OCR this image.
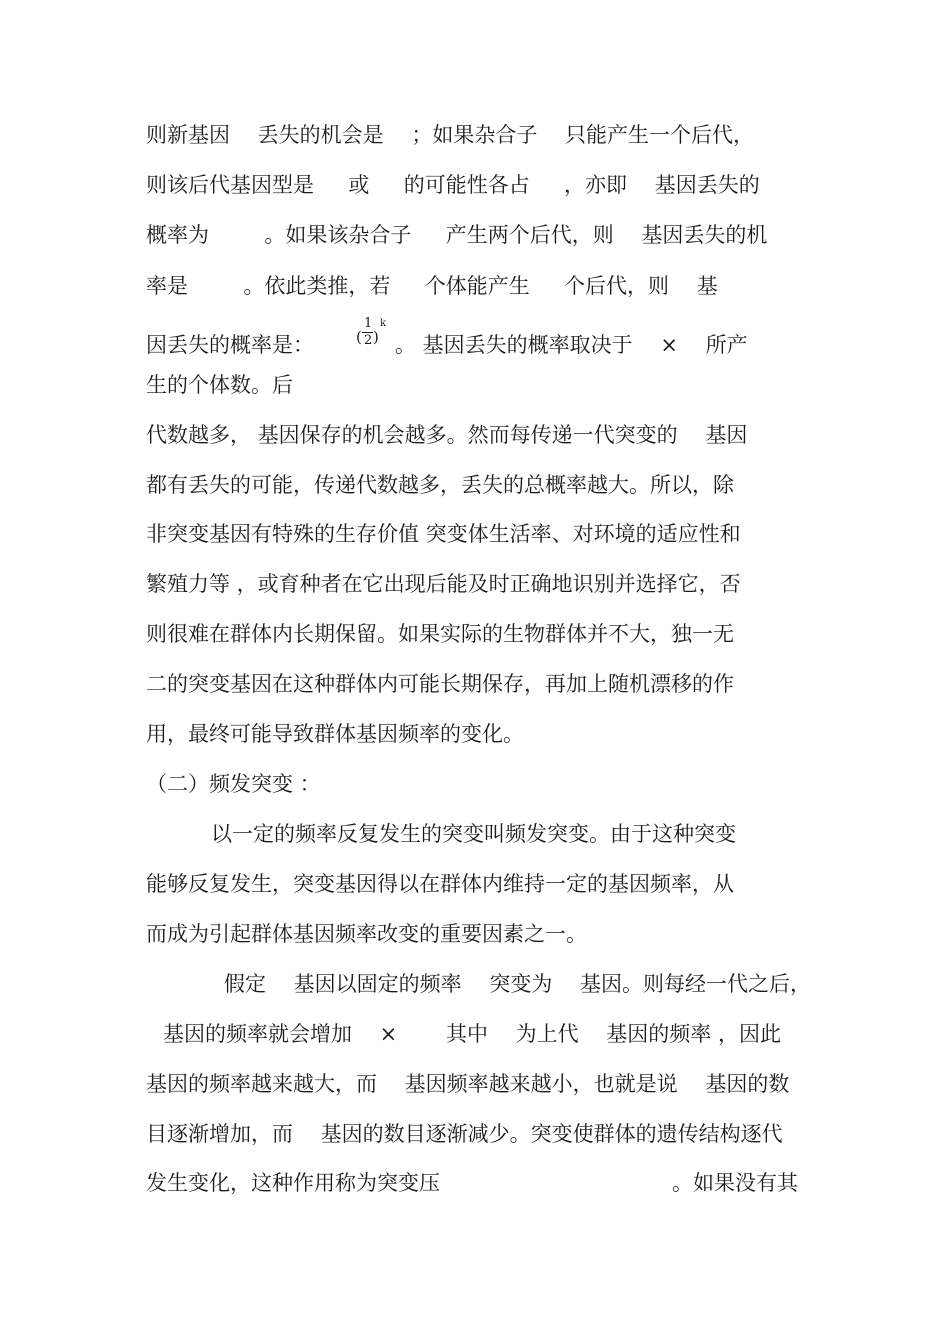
则新基因 　丢失的机会是 　；如果杂合子 　只能产生一个后代，
则该后代基因型是 　 或 　 的可能性各占 　 ，亦即 　基因丢失的
概率为 　　 。如果该杂合子 　 产生两个后代，则 　基因丢失的机
率是 　　 。依此类推，若 　 个体能产生 　 个后代，则 　基
因丢失的概率是：	(
1
2 )
k
。 基因丢失的概率取决于 　×　 所产
生的个体数。后
代数越多， 基因保存的机会越多。然而每传递一代突变的 　基因
都有丢失的可能，传递代数越多，丢失的总概率越大。所以，除
非突变基因有特殊的生存价值 突变体生活率、对环境的适应性和
繁殖力等 ，或育种者在它出现后能及时正确地识别并选择它，否
则很难在群体内长期保留。如果实际的生物群体并不大，独一无
二的突变基因在这种群体内可能长期保存，再加上随机漂移的作
用，最终可能导致群体基因频率的变化。
（二）频发突变 ：
以一定的频率反复发生的突变叫频发突变。由于这种突变
能够反复发生，突变基因得以在群体内维持一定的基因频率，从
而成为引起群体基因频率改变的重要因素之一。
假定 　基因以固定的频率 　突变为 　基因。则每经一代之后，
基因的频率就会增加 　×　 　其中 　为上代 　基因的频率 ，因此
基因的频率越来越大，而 　基因频率越来越小，也就是说 　基因的数
目逐渐增加，而 　基因的数目逐渐减少。突变使群体的遗传结构逐代
发生变化，这种作用称为突变压	。如果没有其
